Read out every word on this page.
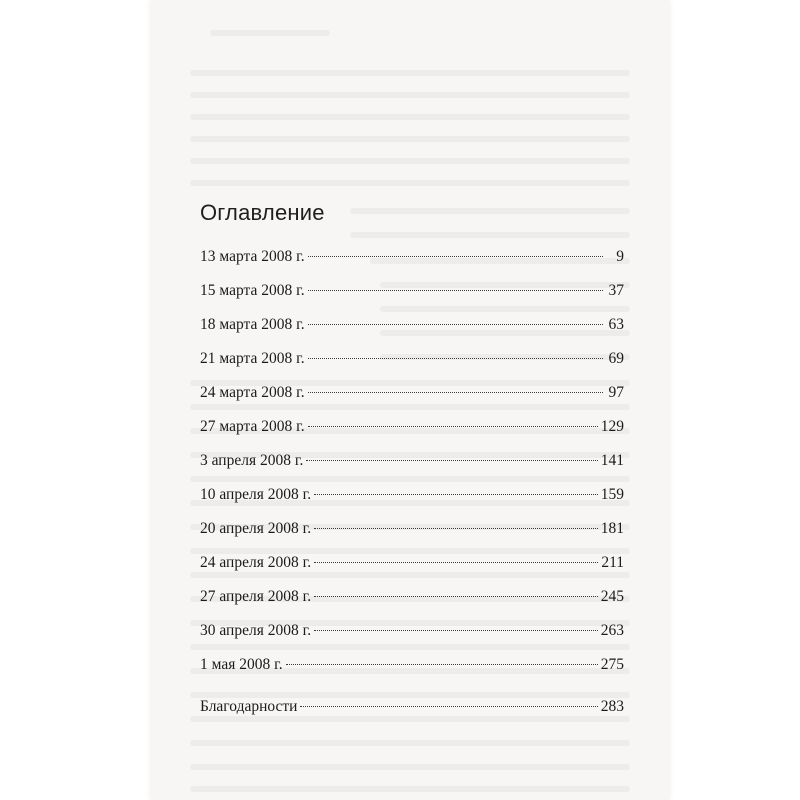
Оглавление
13 марта 2008 г.	9
15 марта 2008 г.	37
18 марта 2008 г.	63
21 марта 2008 г.	69
24 марта 2008 г.	97
27 марта 2008 г.	129
3 апреля 2008 г.	141
10 апреля 2008 г.	159
20 апреля 2008 г.	181
24 апреля 2008 г.	211
27 апреля 2008 г.	245
30 апреля 2008 г.	263
1 мая 2008 г.	275
Благодарности	283
